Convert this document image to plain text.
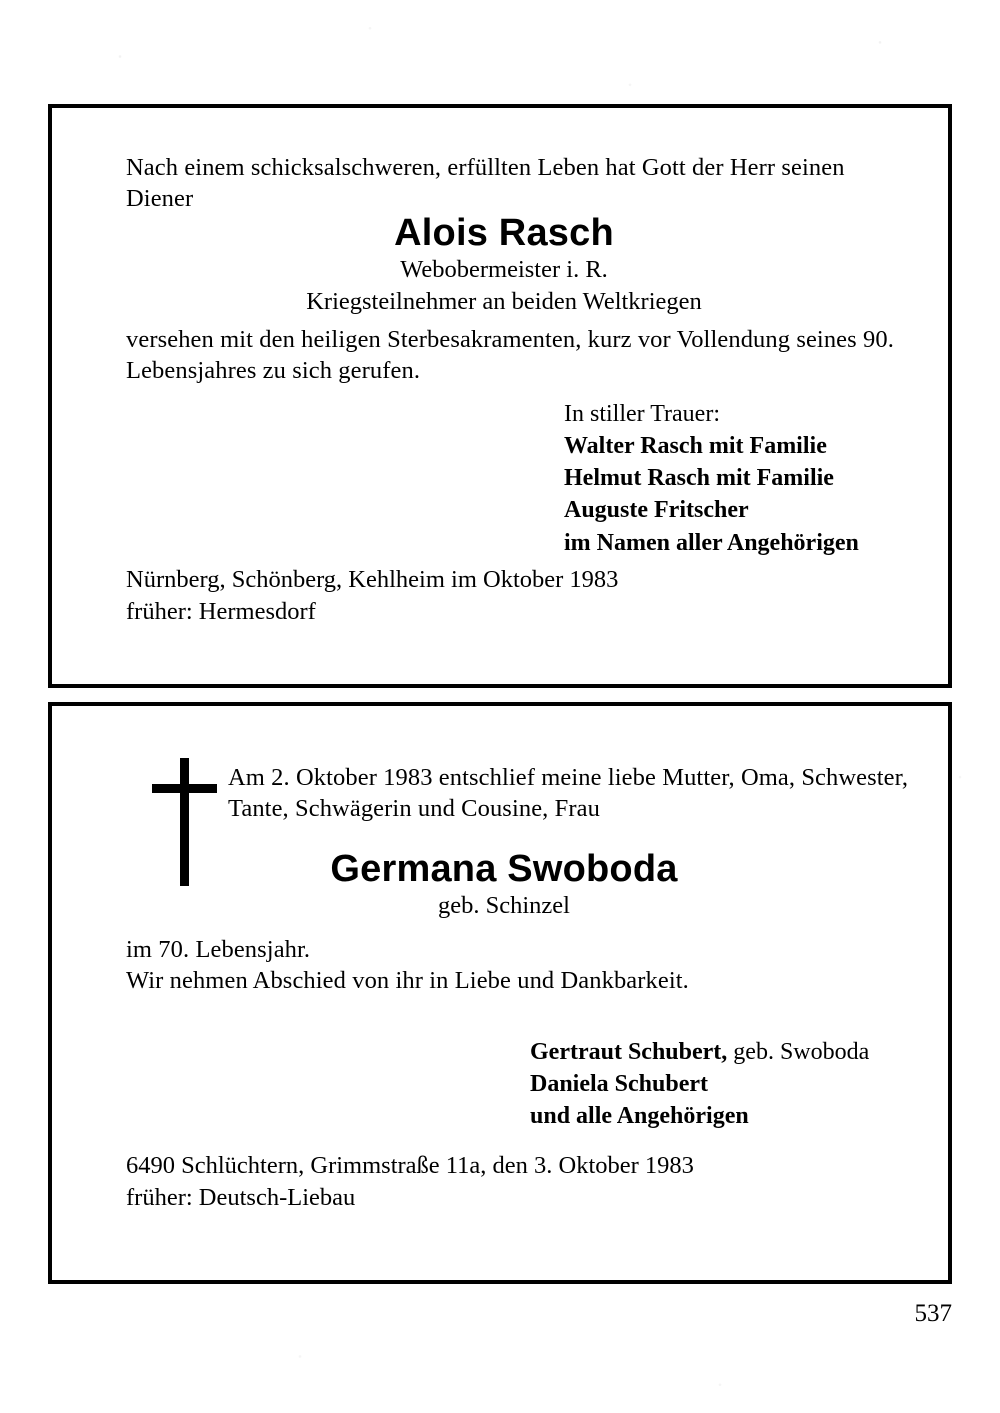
Nach einem schicksalschweren, erfüllten Leben hat Gott der Herr seinen Diener
Alois Rasch
Webobermeister i. R.
Kriegsteilnehmer an beiden Weltkriegen
versehen mit den heiligen Sterbesakramenten, kurz vor Vollendung seines 90. Lebensjahres zu sich gerufen.
In stiller Trauer:
Walter Rasch mit Familie
Helmut Rasch mit Familie
Auguste Fritscher
im Namen aller Angehörigen
Nürnberg, Schönberg, Kehlheim im Oktober 1983
früher: Hermesdorf
Am 2. Oktober 1983 entschlief meine liebe Mutter, Oma, Schwester, Tante, Schwägerin und Cousine, Frau
Germana Swoboda
geb. Schinzel
im 70. Lebensjahr.
Wir nehmen Abschied von ihr in Liebe und Dankbarkeit.
Gertraut Schubert, geb. Swoboda
Daniela Schubert
und alle Angehörigen
6490 Schlüchtern, Grimmstraße 11a, den 3. Oktober 1983
früher: Deutsch-Liebau
537
